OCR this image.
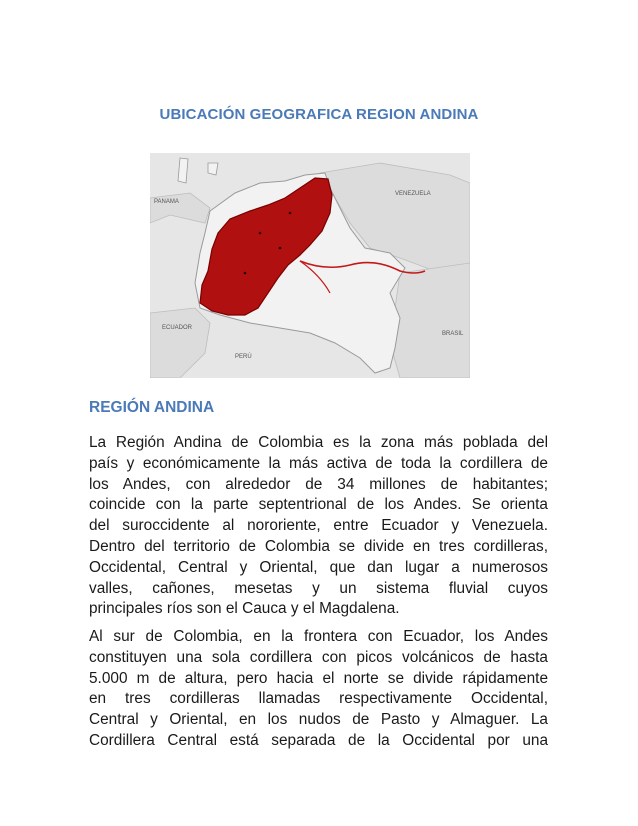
UBICACIÓN GEOGRAFICA REGION ANDINA
PANAMA
VENEZUELA
ECUADOR
PERÚ
BRASIL
REGIÓN ANDINA
La Región Andina de Colombia es la zona más poblada del
país y económicamente la más activa de toda la cordillera de
los Andes, con alrededor de 34 millones de habitantes;
coincide con la parte septentrional de los Andes. Se orienta
del suroccidente al nororiente, entre Ecuador y Venezuela.
Dentro del territorio de Colombia se divide en tres cordilleras,
Occidental, Central y Oriental, que dan lugar a numerosos
valles, cañones, mesetas y un sistema fluvial cuyos
principales ríos son el Cauca y el Magdalena.
Al sur de Colombia, en la frontera con Ecuador, los Andes
constituyen una sola cordillera con picos volcánicos de hasta
5.000 m de altura, pero hacia el norte se divide rápidamente
en tres cordilleras llamadas respectivamente Occidental,
Central y Oriental, en los nudos de Pasto y Almaguer. La
Cordillera Central está separada de la Occidental por una
